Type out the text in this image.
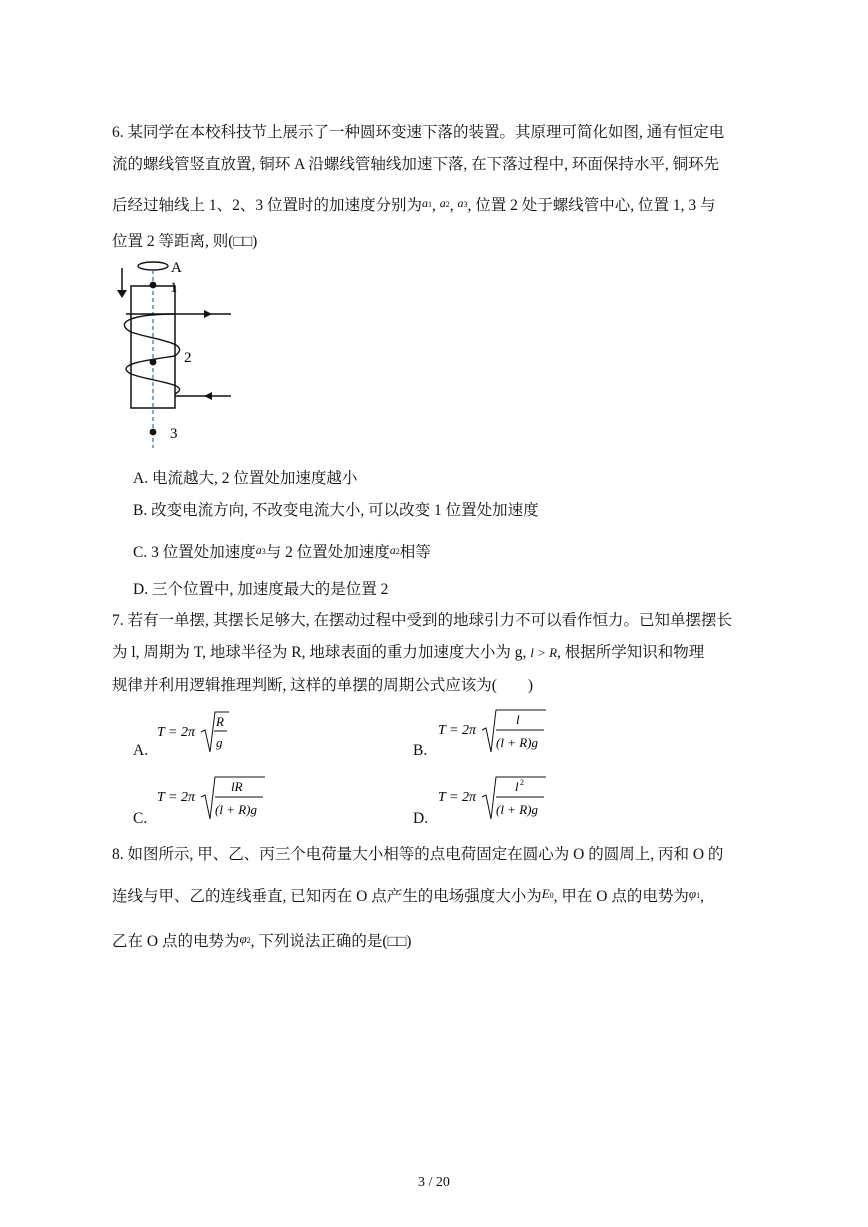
6. 某同学在本校科技节上展示了一种圆环变速下落的装置。其原理可简化如图, 通有恒定电
流的螺线管竖直放置, 铜环 A 沿螺线管轴线加速下落, 在下落过程中, 环面保持水平, 铜环先
后经过轴线上 1、2、3 位置时的加速度分别为a1, a2, a3, 位置 2 处于螺线管中心, 位置 1, 3 与
位置 2 等距离, 则(□□)
A
1
2
3
A. 电流越大, 2 位置处加速度越小
B. 改变电流方向, 不改变电流大小, 可以改变 1 位置处加速度
C. 3 位置处加速度a3与 2 位置处加速度a2相等
D. 三个位置中, 加速度最大的是位置 2
7. 若有一单摆, 其摆长足够大, 在摆动过程中受到的地球引力不可以看作恒力。已知单摆摆长
为 l, 周期为 T, 地球半径为 R, 地球表面的重力加速度大小为 g, l > R, 根据所学知识和物理
规律并利用逻辑推理判断, 这样的单摆的周期公式应该为(　　)
A.	B.
C.	D.
T = 2π
R
g
T = 2π
l
(l + R)g
T = 2π
lR
(l + R)g
T = 2π
l 2
(l + R)g
8. 如图所示, 甲、乙、丙三个电荷量大小相等的点电荷固定在圆心为 O 的圆周上, 丙和 O 的
连线与甲、乙的连线垂直, 已知丙在 O 点产生的电场强度大小为E0, 甲在 O 点的电势为φ1,
乙在 O 点的电势为φ2, 下列说法正确的是(□□)
3 / 20
